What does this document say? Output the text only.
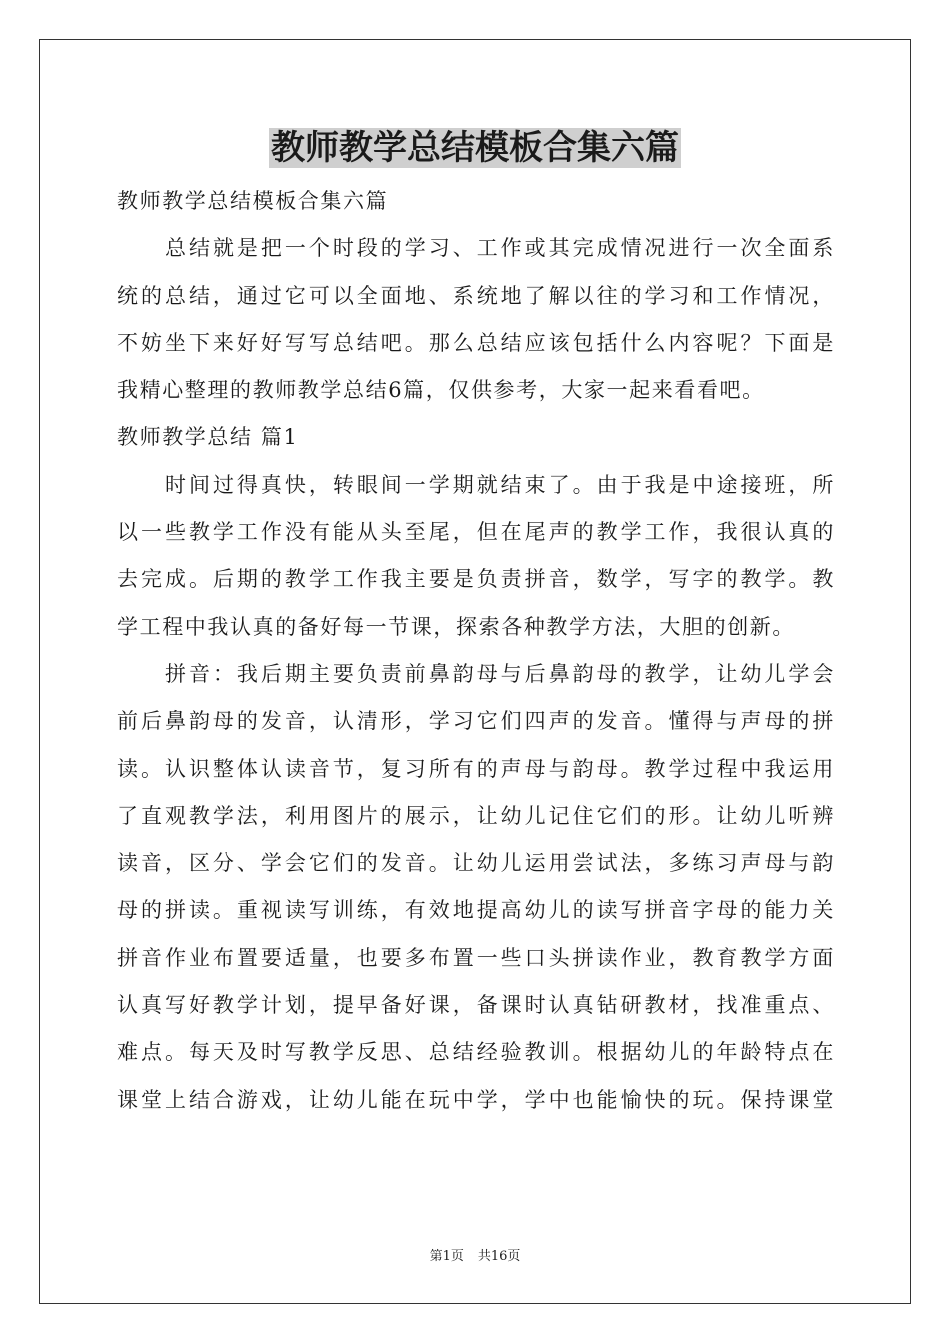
教师教学总结模板合集六篇
教师教学总结模板合集六篇
总结就是把一个时段的学习、工作或其完成情况进行一次全面系
统的总结，通过它可以全面地、系统地了解以往的学习和工作情况，
不妨坐下来好好写写总结吧。那么总结应该包括什么内容呢？下面是
我精心整理的教师教学总结6篇，仅供参考，大家一起来看看吧。
教师教学总结 篇1
时间过得真快，转眼间一学期就结束了。由于我是中途接班，所
以一些教学工作没有能从头至尾，但在尾声的教学工作，我很认真的
去完成。后期的教学工作我主要是负责拼音，数学，写字的教学。教
学工程中我认真的备好每一节课，探索各种教学方法，大胆的创新。
拼音：我后期主要负责前鼻韵母与后鼻韵母的教学，让幼儿学会
前后鼻韵母的发音，认清形，学习它们四声的发音。懂得与声母的拼
读。认识整体认读音节，复习所有的声母与韵母。教学过程中我运用
了直观教学法，利用图片的展示，让幼儿记住它们的形。让幼儿听辨
读音，区分、学会它们的发音。让幼儿运用尝试法，多练习声母与韵
母的拼读。重视读写训练，有效地提高幼儿的读写拼音字母的能力关
拼音作业布置要适量，也要多布置一些口头拼读作业，教育教学方面
认真写好教学计划，提早备好课，备课时认真钻研教材，找准重点、
难点。每天及时写教学反思、总结经验教训。根据幼儿的年龄特点在
课堂上结合游戏，让幼儿能在玩中学，学中也能愉快的玩。保持课堂
第1页 共16页
